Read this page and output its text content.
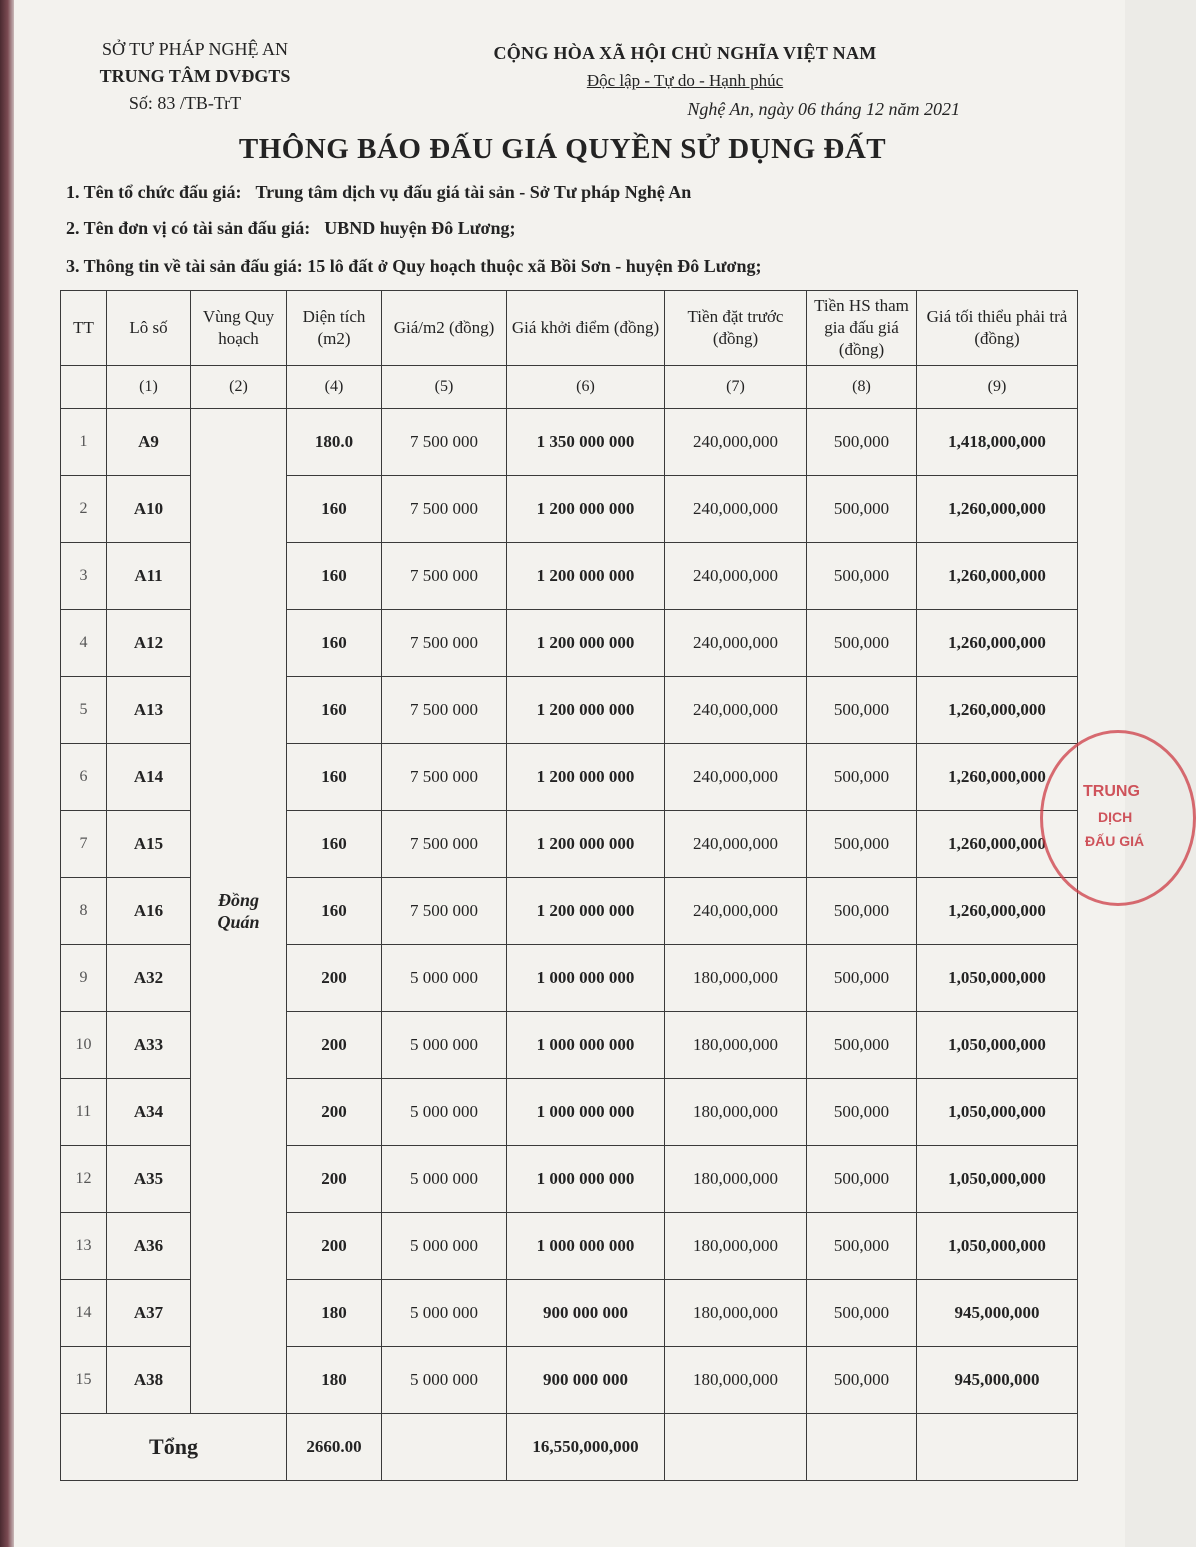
SỞ TƯ PHÁP NGHỆ AN
TRUNG TÂM DVĐGTS
Số: 83 /TB-TrT
CỘNG HÒA XÃ HỘI CHỦ NGHĨA VIỆT NAM
Độc lập - Tự do - Hạnh phúc
Nghệ An, ngày 06 tháng 12 năm 2021
THÔNG BÁO ĐẤU GIÁ QUYỀN SỬ DỤNG ĐẤT
1. Tên tổ chức đấu giá: Trung tâm dịch vụ đấu giá tài sản - Sở Tư pháp Nghệ An
2. Tên đơn vị có tài sản đấu giá: UBND huyện Đô Lương;
3. Thông tin về tài sản đấu giá: 15 lô đất ở Quy hoạch thuộc xã Bồi Sơn - huyện Đô Lương;
TT	Lô số	Vùng Quy hoạch	Diện tích (m2)	Giá/m2 (đồng)	Giá khởi điểm (đồng)	Tiền đặt trước (đồng)	Tiền HS tham gia đấu giá (đồng)	Giá tối thiểu phải trả (đồng)
	(1)	(2)	(4)	(5)	(6)	(7)	(8)	(9)
1	A9	Đồng Quán	180.0	7 500 000	1 350 000 000	240,000,000	500,000	1,418,000,000
2	A10		160	7 500 000	1 200 000 000	240,000,000	500,000	1,260,000,000
3	A11		160	7 500 000	1 200 000 000	240,000,000	500,000	1,260,000,000
4	A12		160	7 500 000	1 200 000 000	240,000,000	500,000	1,260,000,000
5	A13		160	7 500 000	1 200 000 000	240,000,000	500,000	1,260,000,000
6	A14		160	7 500 000	1 200 000 000	240,000,000	500,000	1,260,000,000
7	A15		160	7 500 000	1 200 000 000	240,000,000	500,000	1,260,000,000
8	A16		160	7 500 000	1 200 000 000	240,000,000	500,000	1,260,000,000
9	A32		200	5 000 000	1 000 000 000	180,000,000	500,000	1,050,000,000
10	A33		200	5 000 000	1 000 000 000	180,000,000	500,000	1,050,000,000
11	A34		200	5 000 000	1 000 000 000	180,000,000	500,000	1,050,000,000
12	A35		200	5 000 000	1 000 000 000	180,000,000	500,000	1,050,000,000
13	A36		200	5 000 000	1 000 000 000	180,000,000	500,000	1,050,000,000
14	A37		180	5 000 000	900 000 000	180,000,000	500,000	945,000,000
15	A38		180	5 000 000	900 000 000	180,000,000	500,000	945,000,000
Tổng			2660.00		16,550,000,000			
TRUNG
DỊCH
ĐẤU GIÁ
